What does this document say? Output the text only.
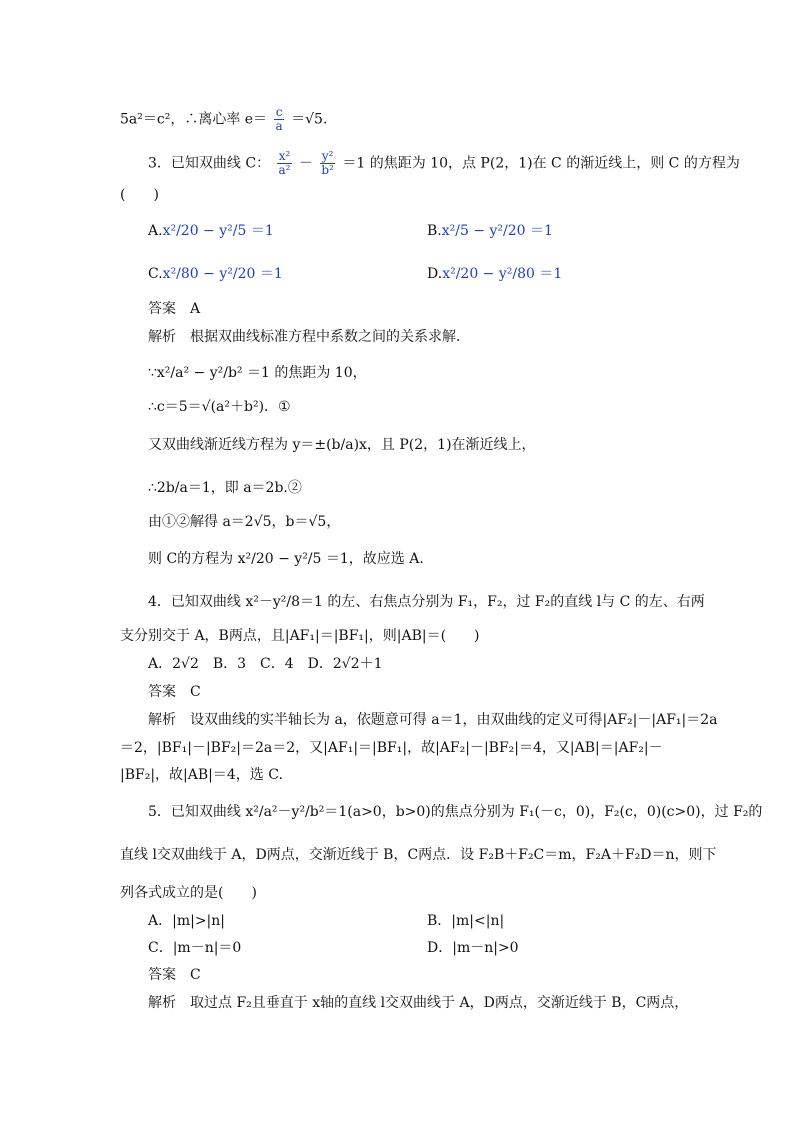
5a²＝c²，∴离心率 $e= \frac{c}{a} =√5$.
3．已知双曲线 C： $\frac{\text{x²}}{\text{a²}} - \frac{\text{y²}}{\text{b²}} =1$ 的焦距为 10，点 P(2，1)在 C 的渐近线上，则 C 的方程为
(　　)
A.x²/20 − y²/5 ＝1	B.x²/5 − y²/20 ＝1
C.x²/80 − y²/20 ＝1	D.x²/20 − y²/80 ＝1
答案　A
解析　根据双曲线标准方程中系数之间的关系求解．
∵x²/a² − y²/b² ＝1 的焦距为 10，
∴c＝5＝√(a²＋b²)．①
又双曲线渐近线方程为 y＝±(b/a)x，且 P(2，1)在渐近线上，
∴2b/a＝1，即 a＝2b.②
由①②解得 a＝2√5，b＝√5，
则 C的方程为 x²/20 − y²/5 ＝1，故应选 A.
4．已知双曲线 x²－y²/8＝1 的左、右焦点分别为 F₁，F₂，过 F₂的直线 l与 C 的左、右两
支分别交于 A，B两点，且|AF₁|＝|BF₁|，则|AB|＝(　　)
A．2√2　B．3　C．4　D．2√2＋1
答案　C
解析　设双曲线的实半轴长为 a，依题意可得 a＝1，由双曲线的定义可得|AF₂|－|AF₁|＝2a
＝2，|BF₁|－|BF₂|＝2a＝2，又|AF₁|＝|BF₁|，故|AF₂|－|BF₂|＝4，又|AB|＝|AF₂|－
|BF₂|，故|AB|＝4，选 C.
5．已知双曲线 x²/a²－y²/b²＝1(a>0，b>0)的焦点分别为 F₁(－c，0)，F₂(c，0)(c>0)，过 F₂的
直线 l交双曲线于 A，D两点，交渐近线于 B，C两点．设 F₂B＋F₂C＝m，F₂A＋F₂D＝n，则下
列各式成立的是(　　)
A．|m|>|n|	B．|m|<|n|
C．|m－n|＝0	D．|m－n|>0
答案　C
解析　取过点 F₂且垂直于 x轴的直线 l交双曲线于 A，D两点，交渐近线于 B，C两点，
